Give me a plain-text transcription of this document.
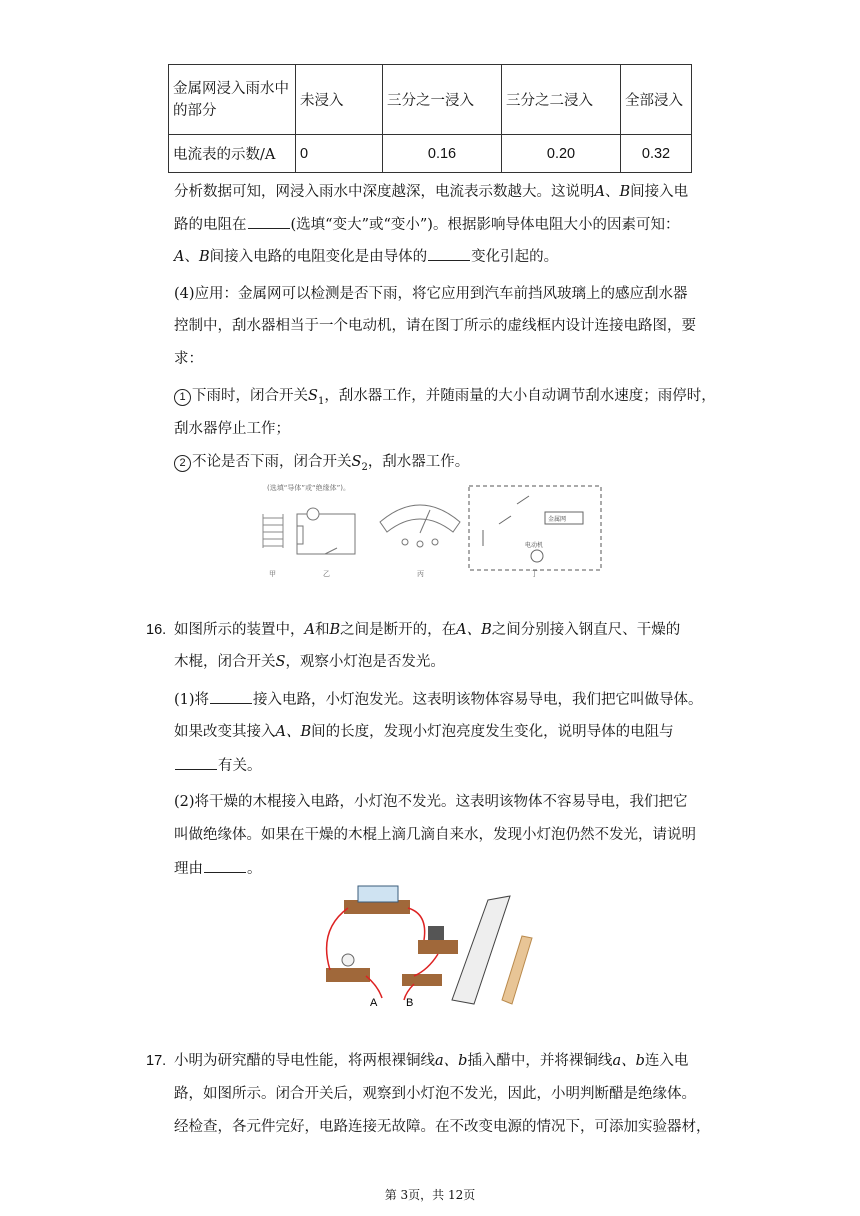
金属网浸入雨水中的部分	未浸入	三分之一浸入	三分之二浸入	全部浸入
电流表的示数/A	0	0.16	0.20	0.32
分析数据可知，网浸入雨水中深度越深，电流表示数越大。这说明A、B间接入电
路的电阻在	(选填“变大”或“变小”)。根据影响导体电阻大小的因素可知：
A、B间接入电路的电阻变化是由导体的	变化引起的。
(4)应用：金属网可以检测是否下雨，将它应用到汽车前挡风玻璃上的感应刮水器
控制中，刮水器相当于一个电动机，请在图丁所示的虚线框内设计连接电路图，要
求：
1 下雨时，闭合开关$S_1$，刮水器工作，并随雨量的大小自动调节刮水速度；雨停时，
刮水器停止工作；
2 不论是否下雨，闭合开关$S_2$，刮水器工作。
(选填“导体”或“绝缘体”)。
金属网
电动机
甲	乙	丙	丁
16. 如图所示的装置中，A和B之间是断开的，在A、B之间分别接入钢直尺、干燥的
木棍，闭合开关S，观察小灯泡是否发光。
(1)将	接入电路，小灯泡发光。这表明该物体容易导电，我们把它叫做导体。
如果改变其接入A、B间的长度，发现小灯泡亮度发生变化，说明导体的电阻与
有关。
(2)将干燥的木棍接入电路，小灯泡不发光。这表明该物体不容易导电，我们把它
叫做绝缘体。如果在干燥的木棍上滴几滴自来水，发现小灯泡仍然不发光，请说明
理由	。
A	B
17. 小明为研究醋的导电性能，将两根裸铜线a、b插入醋中，并将裸铜线a、b连入电
路，如图所示。闭合开关后，观察到小灯泡不发光，因此，小明判断醋是绝缘体。
经检查，各元件完好，电路连接无故障。在不改变电源的情况下，可添加实验器材，
第 3页，共 12页
